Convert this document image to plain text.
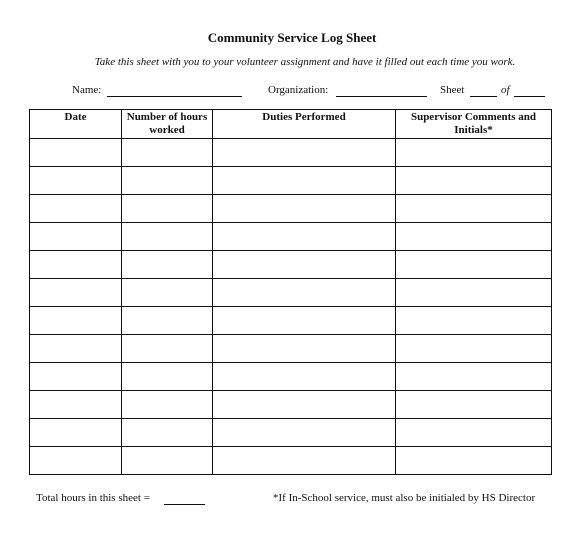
Community Service Log Sheet
Take this sheet with you to your volunteer assignment and have it filled out each time you work.
Name:	Organization:	Sheet	of
Date	Number of hours worked	Duties Performed	Supervisor Comments and Initials*

Total hours in this sheet =	*If In-School service, must also be initialed by HS Director
